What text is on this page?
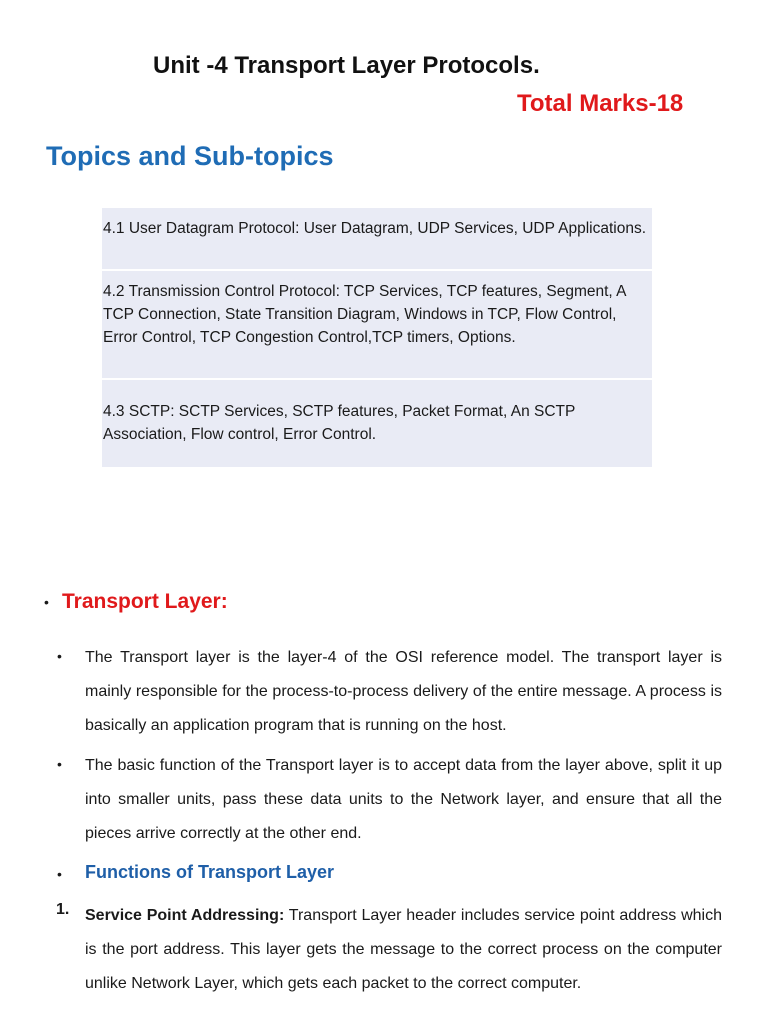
Unit -4 Transport Layer Protocols.
Total Marks-18
Topics and Sub-topics
4.1 User Datagram Protocol: User Datagram, UDP Services, UDP Applications.
4.2 Transmission Control Protocol: TCP Services, TCP features, Segment, A TCP Connection, State Transition Diagram, Windows in TCP, Flow Control, Error Control, TCP Congestion Control,TCP timers, Options.
4.3 SCTP: SCTP Services, SCTP features, Packet Format, An SCTP Association, Flow control, Error Control.
• Transport Layer:
• The Transport layer is the layer-4 of the OSI reference model. The transport layer is mainly responsible for the process-to-process delivery of the entire message. A process is basically an application program that is running on the host.
• The basic function of the Transport layer is to accept data from the layer above, split it up into smaller units, pass these data units to the Network layer, and ensure that all the pieces arrive correctly at the other end.
• Functions of Transport Layer
1. Service Point Addressing: Transport Layer header includes service point address which is the port address. This layer gets the message to the correct process on the computer unlike Network Layer, which gets each packet to the correct computer.
